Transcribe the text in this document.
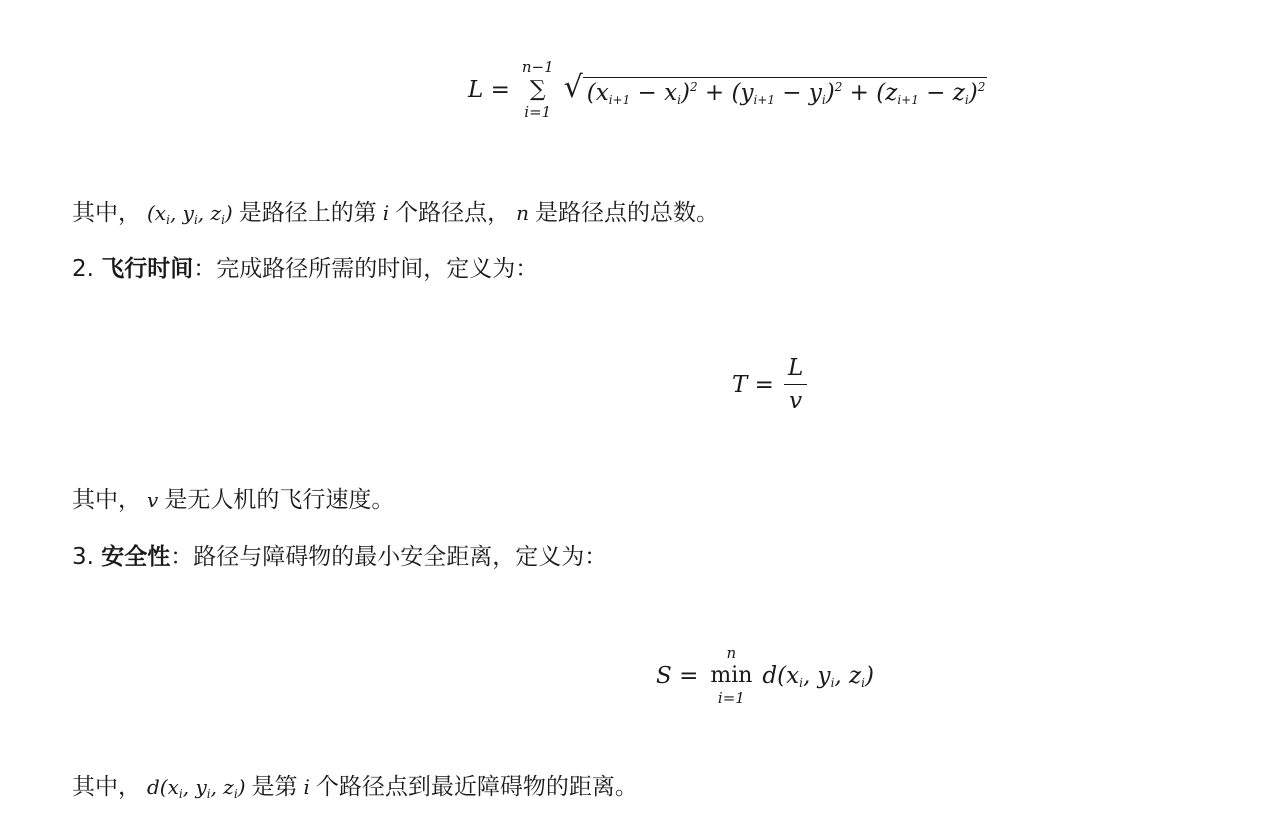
L =
n−1
∑
i=1
√ $(x_{i+1} - x_i)^2 + (y_{i+1} - y_i)^2 + (z_{i+1} - z_i)^2$
其中， ($x_i$, $y_i$, $z_i$) 是路径上的第 i 个路径点， n 是路径点的总数。
2. 飞行时间：完成路径所需的时间，定义为：
$T = \frac{L}{v}$
其中， v 是无人机的飞行速度。
3. 安全性：路径与障碍物的最小安全距离，定义为：
S =
n
min
i=1
$d(x_i$, $y_i$, $z_i$)
其中， $d(x_i$, $y_i$, $z_i$) 是第 i 个路径点到最近障碍物的距离。
